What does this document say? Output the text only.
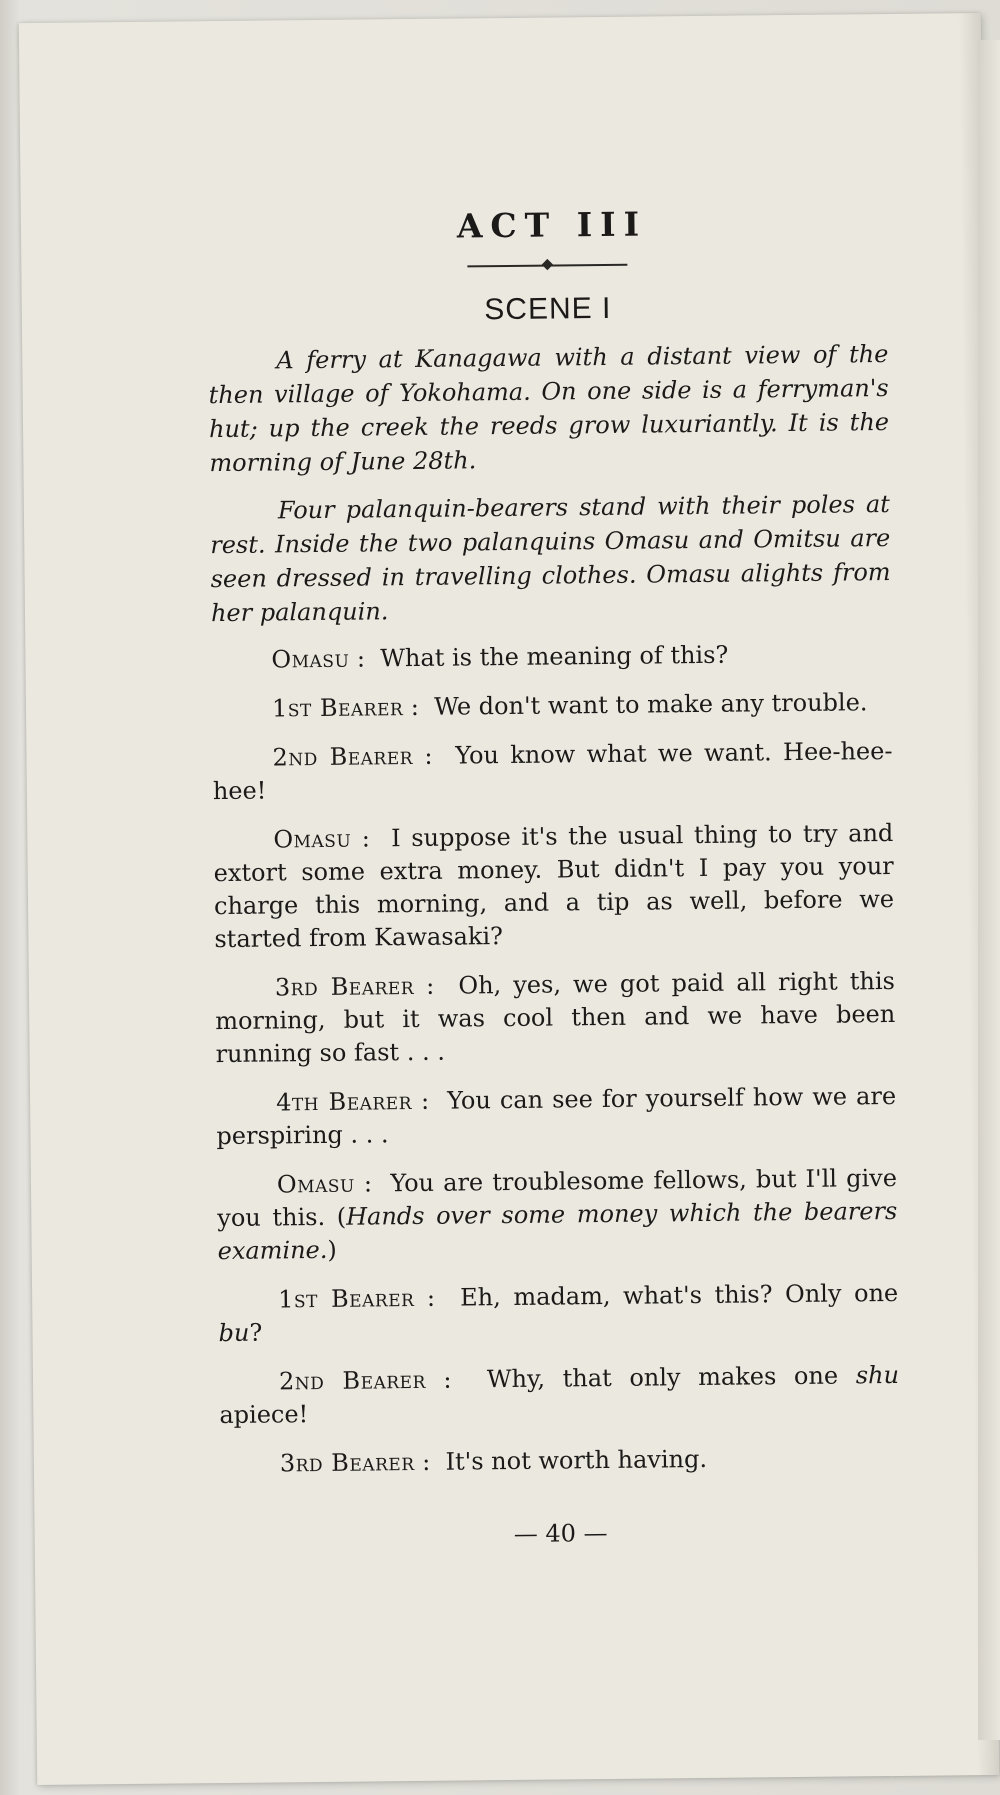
ACT III
SCENE I

A ferry at Kanagawa with a distant view of the then village of Yokohama. On one side is a ferryman's hut; up the creek the reeds grow luxuriantly. It is the morning of June 28th.

Four palanquin-bearers stand with their poles at rest. Inside the two palanquins Omasu and Omitsu are seen dressed in travelling clothes. Omasu alights from her palanquin.

Omasu :  What is the meaning of this?

1st Bearer :  We don't want to make any trouble.

2nd Bearer :  You know what we want. Hee-hee-hee!

Omasu :  I suppose it's the usual thing to try and extort some extra money. But didn't I pay you your charge this morning, and a tip as well, before we started from Kawasaki?

3rd Bearer :  Oh, yes, we got paid all right this morning, but it was cool then and we have been running so fast . . .

4th Bearer :  You can see for yourself how we are perspiring . . .

Omasu :  You are troublesome fellows, but I'll give you this. (Hands over some money which the bearers examine.)

1st Bearer :  Eh, madam, what's this? Only one bu?

2nd Bearer :  Why, that only makes one shu apiece!

3rd Bearer :  It's not worth having.

— 40 —
